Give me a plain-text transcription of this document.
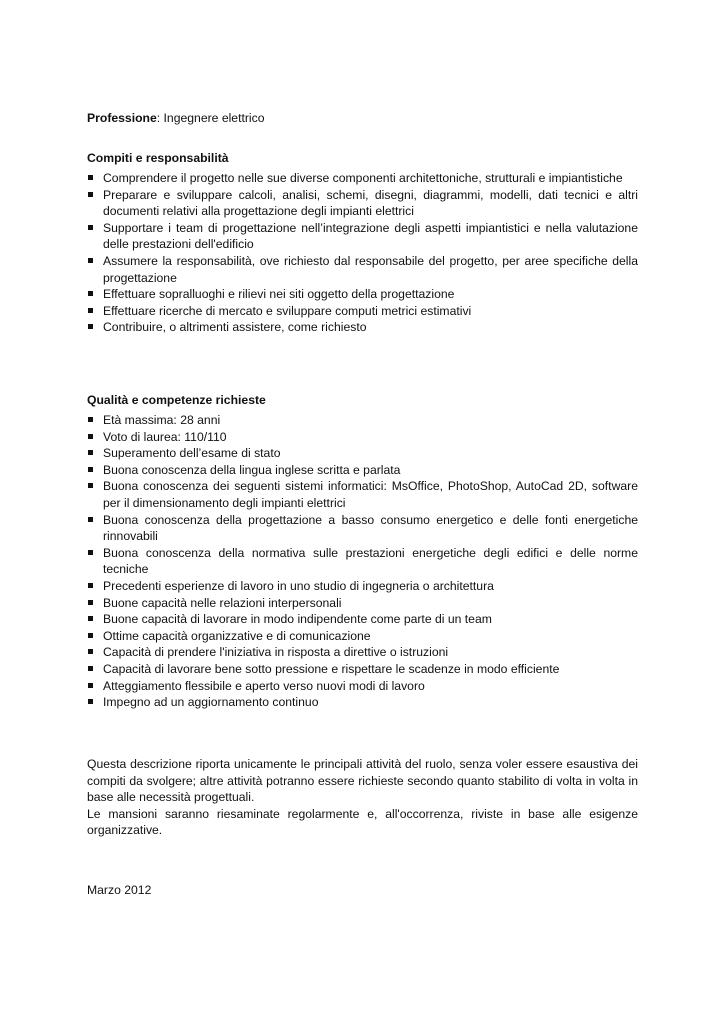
Professione: Ingegnere elettrico

Compiti e responsabilità

Comprendere il progetto nelle sue diverse componenti architettoniche, strutturali e impiantistiche
Preparare e sviluppare calcoli, analisi, schemi, disegni, diagrammi, modelli, dati tecnici e altri documenti relativi alla progettazione degli impianti elettrici
Supportare i team di progettazione nell’integrazione degli aspetti impiantistici e nella valutazione delle prestazioni dell'edificio
Assumere la responsabilità, ove richiesto dal responsabile del progetto, per aree specifiche della progettazione
Effettuare sopralluoghi e rilievi nei siti oggetto della progettazione
Effettuare ricerche di mercato e sviluppare computi metrici estimativi
Contribuire, o altrimenti assistere, come richiesto

Qualità e competenze richieste

Età massima: 28 anni
Voto di laurea: 110/110
Superamento dell’esame di stato
Buona conoscenza della lingua inglese scritta e parlata
Buona conoscenza dei seguenti sistemi informatici: MsOffice, PhotoShop, AutoCad 2D, software per il dimensionamento degli impianti elettrici
Buona conoscenza della progettazione a basso consumo energetico e delle fonti energetiche rinnovabili
Buona conoscenza della normativa sulle prestazioni energetiche degli edifici e delle norme tecniche
Precedenti esperienze di lavoro in uno studio di ingegneria o architettura
Buone capacità nelle relazioni interpersonali
Buone capacità di lavorare in modo indipendente come parte di un team
Ottime capacità organizzative e di comunicazione
Capacità di prendere l'iniziativa in risposta a direttive o istruzioni
Capacità di lavorare bene sotto pressione e rispettare le scadenze in modo efficiente
Atteggiamento flessibile e aperto verso nuovi modi di lavoro
Impegno ad un aggiornamento continuo

Questa descrizione riporta unicamente le principali attività del ruolo, senza voler essere esaustiva dei compiti da svolgere; altre attività potranno essere richieste secondo quanto stabilito di volta in volta in base alle necessità progettuali.

Le mansioni saranno riesaminate regolarmente e, all'occorrenza, riviste in base alle esigenze organizzative.

Marzo 2012
